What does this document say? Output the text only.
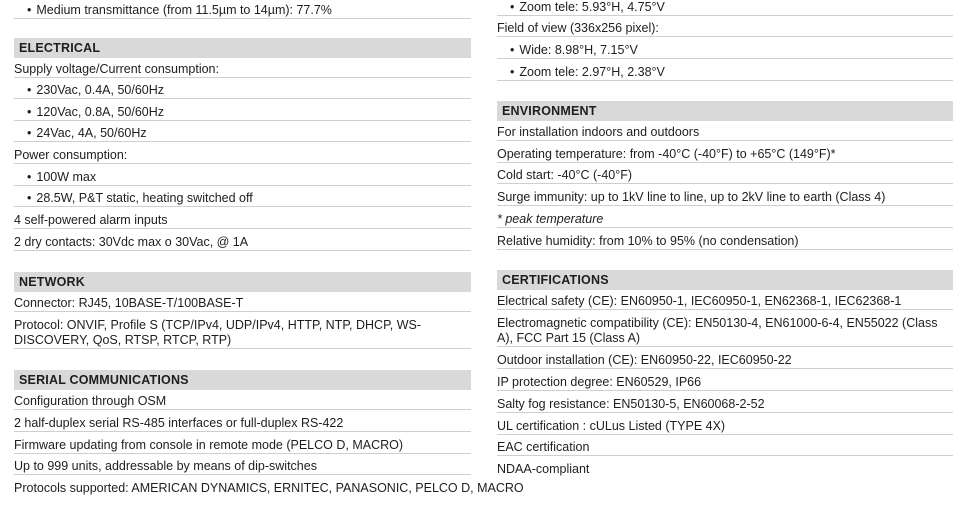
• Medium transmittance (from 11.5µm to 14µm): 77.7%
ELECTRICAL
Supply voltage/Current consumption:
• 230Vac, 0.4A, 50/60Hz
• 120Vac, 0.8A, 50/60Hz
• 24Vac, 4A, 50/60Hz
Power consumption:
• 100W max
• 28.5W, P&T static, heating switched off
4 self-powered alarm inputs
2 dry contacts: 30Vdc max o 30Vac, @ 1A
NETWORK
Connector: RJ45, 10BASE-T/100BASE-T
Protocol: ONVIF, Profile S (TCP/IPv4, UDP/IPv4, HTTP, NTP, DHCP, WS-DISCOVERY, QoS, RTSP, RTCP, RTP)
SERIAL COMMUNICATIONS
Configuration through OSM
2 half-duplex serial RS-485 interfaces or full-duplex RS-422
Firmware updating from console in remote mode (PELCO D, MACRO)
Up to 999 units, addressable by means of dip-switches
Protocols supported: AMERICAN DYNAMICS, ERNITEC, PANASONIC, PELCO D, MACRO
• Zoom tele: 5.93°H, 4.75°V
Field of view (336x256 pixel):
• Wide: 8.98°H, 7.15°V
• Zoom tele: 2.97°H, 2.38°V
ENVIRONMENT
For installation indoors and outdoors
Operating temperature: from -40°C (-40°F) to +65°C (149°F)*
Cold start: -40°C (-40°F)
Surge immunity: up to 1kV line to line, up to 2kV line to earth (Class 4)
* peak temperature
Relative humidity: from 10% to 95% (no condensation)
CERTIFICATIONS
Electrical safety (CE): EN60950-1, IEC60950-1, EN62368-1, IEC62368-1
Electromagnetic compatibility (CE): EN50130-4, EN61000-6-4, EN55022 (Class A), FCC Part 15 (Class A)
Outdoor installation (CE): EN60950-22, IEC60950-22
IP protection degree: EN60529, IP66
Salty fog resistance: EN50130-5, EN60068-2-52
UL certification : cULus Listed (TYPE 4X)
EAC certification
NDAA-compliant
